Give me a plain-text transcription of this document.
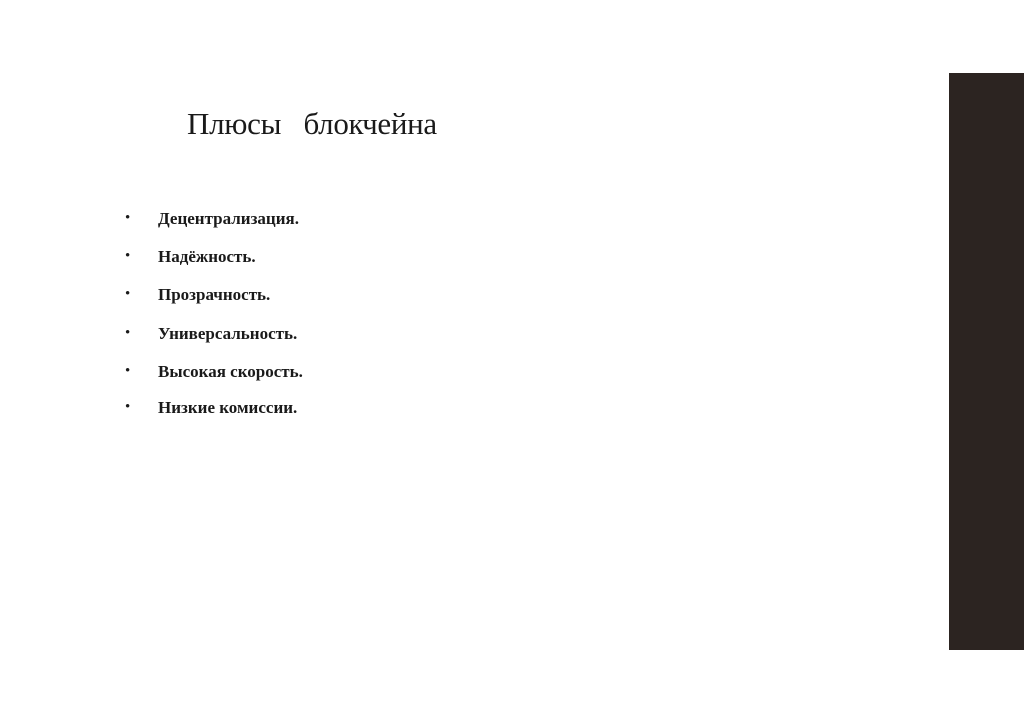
Плюсы   блокчейна
• Децентрализация.
• Надёжность.
• Прозрачность.
• Универсальность.
• Высокая скорость.
• Низкие комиссии.
